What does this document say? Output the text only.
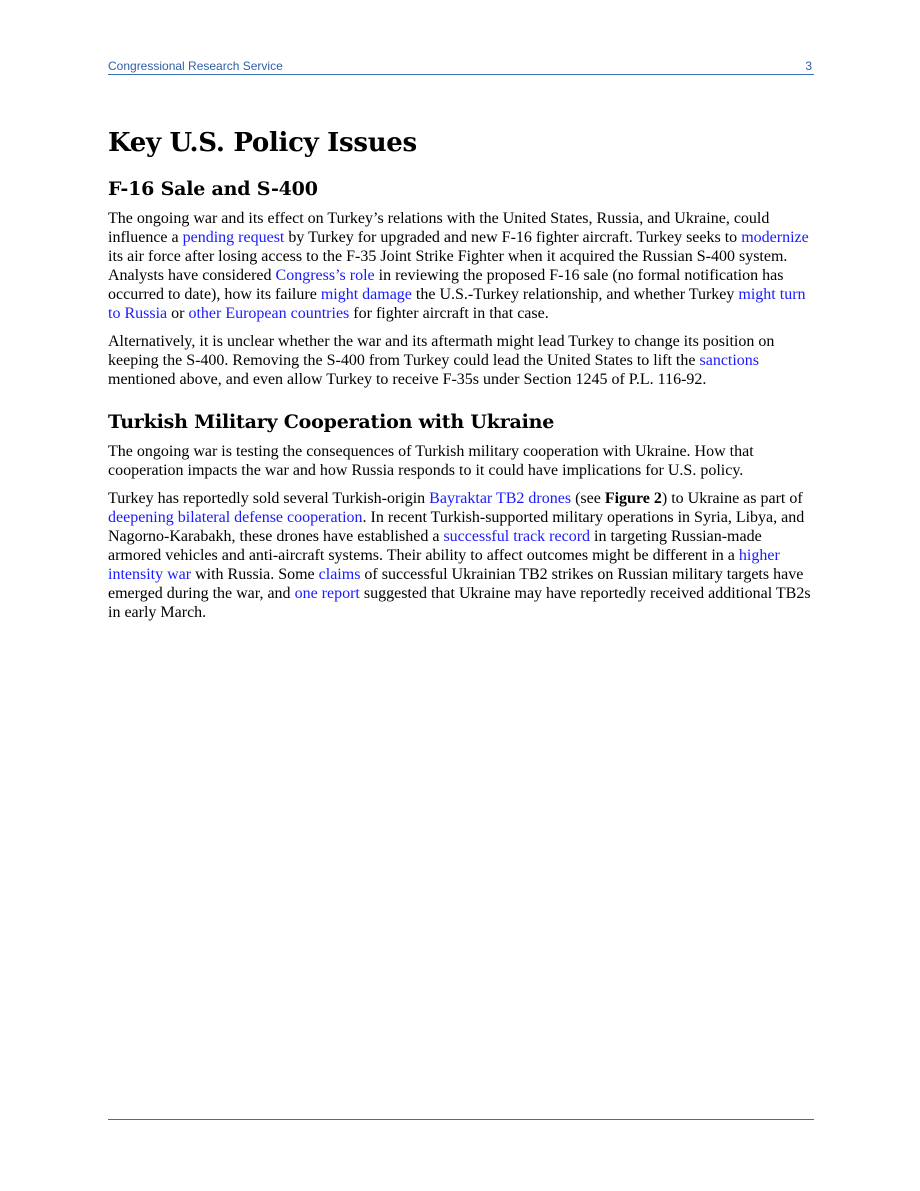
Congressional Research Service	3
Key U.S. Policy Issues
F-16 Sale and S-400

The ongoing war and its effect on Turkey’s relations with the United States, Russia, and Ukraine, could influence a pending request by Turkey for upgraded and new F-16 fighter aircraft. Turkey seeks to modernize its air force after losing access to the F-35 Joint Strike Fighter when it acquired the Russian S-400 system. Analysts have considered Congress’s role in reviewing the proposed F-16 sale (no formal notification has occurred to date), how its failure might damage the U.S.-Turkey relationship, and whether Turkey might turn to Russia or other European countries for fighter aircraft in that case.

Alternatively, it is unclear whether the war and its aftermath might lead Turkey to change its position on keeping the S-400. Removing the S-400 from Turkey could lead the United States to lift the sanctions mentioned above, and even allow Turkey to receive F-35s under Section 1245 of P.L. 116-92.

Turkish Military Cooperation with Ukraine

The ongoing war is testing the consequences of Turkish military cooperation with Ukraine. How that cooperation impacts the war and how Russia responds to it could have implications for U.S. policy.

Turkey has reportedly sold several Turkish-origin Bayraktar TB2 drones (see Figure 2) to Ukraine as part of deepening bilateral defense cooperation. In recent Turkish-supported military operations in Syria, Libya, and Nagorno-Karabakh, these drones have established a successful track record in targeting Russian-made armored vehicles and anti-aircraft systems. Their ability to affect outcomes might be different in a higher intensity war with Russia. Some claims of successful Ukrainian TB2 strikes on Russian military targets have emerged during the war, and one report suggested that Ukraine may have reportedly received additional TB2s in early March.
